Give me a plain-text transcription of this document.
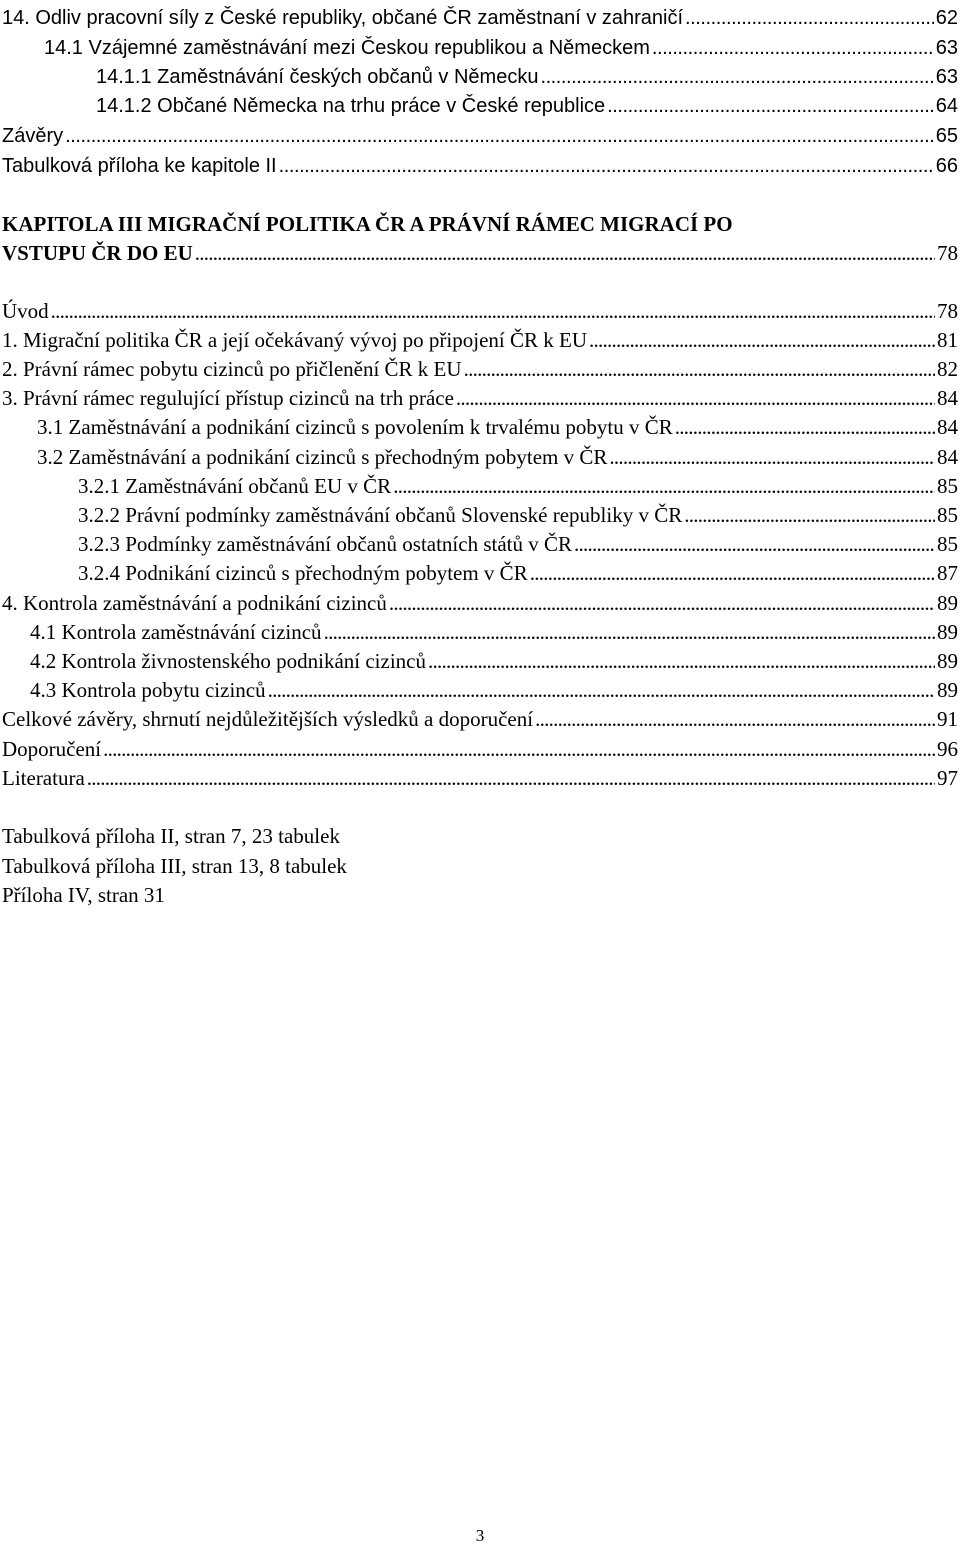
14. Odliv pracovní síly z České republiky, občané ČR zaměstnaní v zahraničí . . .	62
14.1 Vzájemné zaměstnávání mezi Českou republikou a Německem . . .	63
14.1.1 Zaměstnávání českých občanů v Německu . . .	63
14.1.2 Občané Německa na trhu práce v České republice . . .	64
Závěry . . .	65
Tabulková příloha ke kapitole II . . .	66
KAPITOLA III MIGRAČNÍ POLITIKA ČR A PRÁVNÍ RÁMEC MIGRACÍ PO
VSTUPU ČR DO EU . . .	78
Úvod . . .	78
1. Migrační politika ČR a její očekávaný vývoj po připojení ČR k EU . . .	81
2. Právní rámec pobytu cizinců po přičlenění ČR k EU . . .	82
3. Právní rámec regulující přístup cizinců na trh práce . . .	84
3.1 Zaměstnávání a podnikání cizinců s povolením k trvalému pobytu v ČR . . .	84
3.2 Zaměstnávání a podnikání cizinců s přechodným pobytem v ČR . . .	84
3.2.1 Zaměstnávání občanů EU v ČR . . .	85
3.2.2 Právní podmínky zaměstnávání občanů Slovenské republiky v ČR . . .	85
3.2.3 Podmínky zaměstnávání občanů ostatních států v ČR . . .	85
3.2.4 Podnikání cizinců s přechodným pobytem v ČR . . .	87
4. Kontrola zaměstnávání a podnikání cizinců . . .	89
4.1 Kontrola zaměstnávání cizinců . . .	89
4.2 Kontrola živnostenského podnikání cizinců . . .	89
4.3 Kontrola pobytu cizinců . . .	89
Celkové závěry, shrnutí nejdůležitějších výsledků a doporučení . . .	91
Doporučení . . .	96
Literatura . . .	97
Tabulková příloha II, stran 7, 23 tabulek
Tabulková příloha III, stran 13, 8 tabulek
Příloha IV, stran 31
3
